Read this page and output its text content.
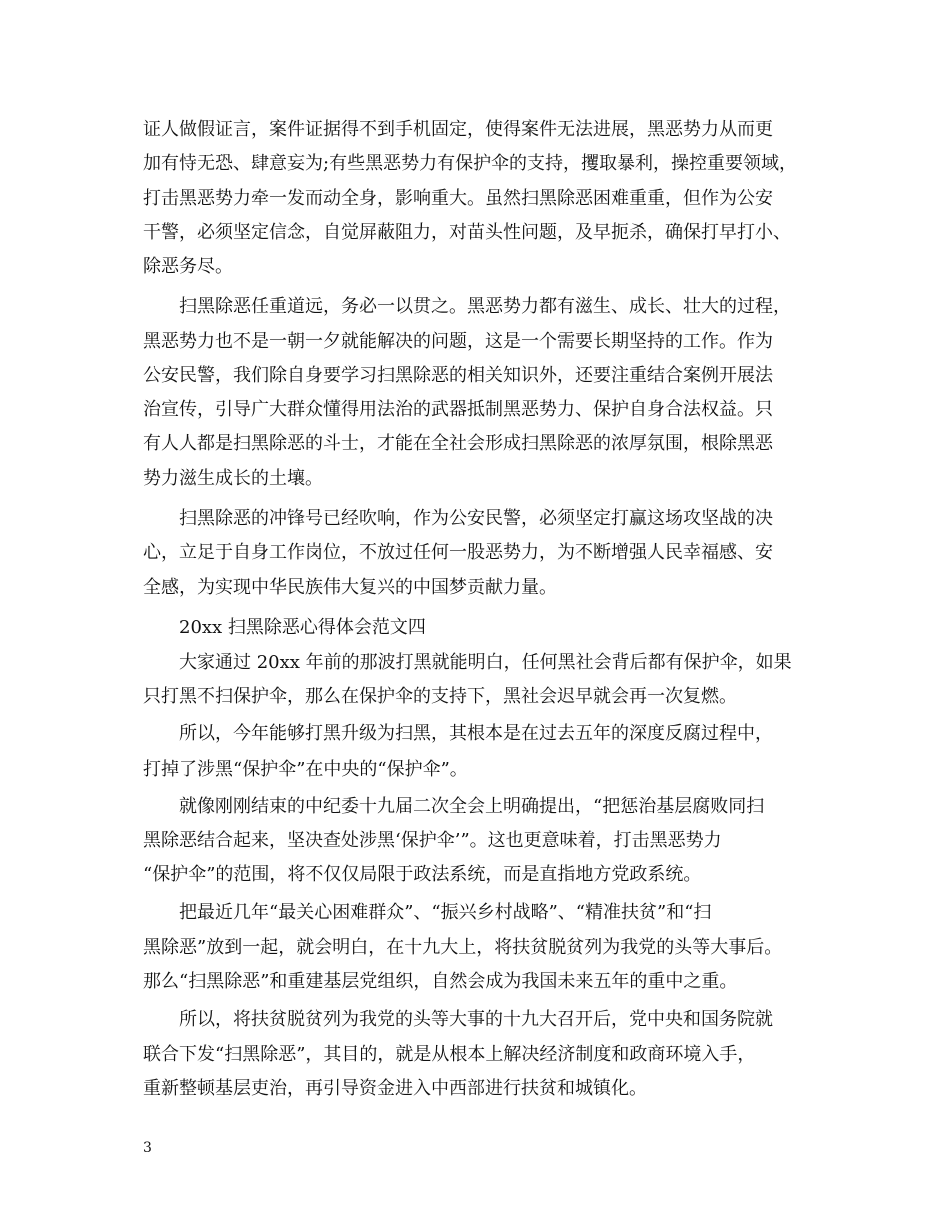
证人做假证言，案件证据得不到手机固定，使得案件无法进展，黑恶势力从而更
加有恃无恐、肆意妄为;有些黑恶势力有保护伞的支持，攫取暴利，操控重要领域，
打击黑恶势力牵一发而动全身，影响重大。虽然扫黑除恶困难重重，但作为公安
干警，必须坚定信念，自觉屏蔽阻力，对苗头性问题，及早扼杀，确保打早打小、
除恶务尽。
扫黑除恶任重道远，务必一以贯之。黑恶势力都有滋生、成长、壮大的过程，
黑恶势力也不是一朝一夕就能解决的问题，这是一个需要长期坚持的工作。作为
公安民警，我们除自身要学习扫黑除恶的相关知识外，还要注重结合案例开展法
治宣传，引导广大群众懂得用法治的武器抵制黑恶势力、保护自身合法权益。只
有人人都是扫黑除恶的斗士，才能在全社会形成扫黑除恶的浓厚氛围，根除黑恶
势力滋生成长的土壤。
扫黑除恶的冲锋号已经吹响，作为公安民警，必须坚定打赢这场攻坚战的决
心，立足于自身工作岗位，不放过任何一股恶势力，为不断增强人民幸福感、安
全感，为实现中华民族伟大复兴的中国梦贡献力量。
20xx 扫黑除恶心得体会范文四
大家通过 20xx 年前的那波打黑就能明白，任何黑社会背后都有保护伞，如果
只打黑不扫保护伞，那么在保护伞的支持下，黑社会迟早就会再一次复燃。
所以，今年能够打黑升级为扫黑，其根本是在过去五年的深度反腐过程中，
打掉了涉黑“保护伞”在中央的“保护伞”。
就像刚刚结束的中纪委十九届二次全会上明确提出，“把惩治基层腐败同扫
黑除恶结合起来，坚决查处涉黑‘保护伞’”。这也更意味着，打击黑恶势力
“保护伞”的范围，将不仅仅局限于政法系统，而是直指地方党政系统。
把最近几年“最关心困难群众”、“振兴乡村战略”、“精准扶贫”和“扫
黑除恶”放到一起，就会明白，在十九大上，将扶贫脱贫列为我党的头等大事后。
那么“扫黑除恶”和重建基层党组织，自然会成为我国未来五年的重中之重。
所以，将扶贫脱贫列为我党的头等大事的十九大召开后，党中央和国务院就
联合下发“扫黑除恶”，其目的，就是从根本上解决经济制度和政商环境入手，
重新整顿基层吏治，再引导资金进入中西部进行扶贫和城镇化。
3
